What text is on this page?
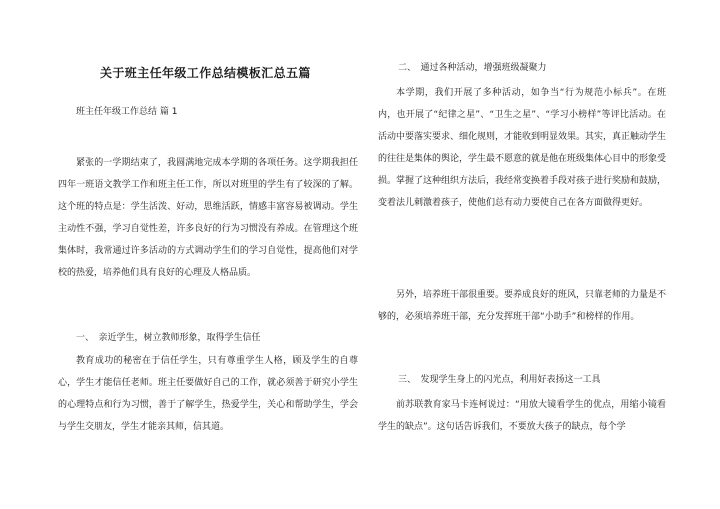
关于班主任年级工作总结模板汇总五篇
班主任年级工作总结 篇 1

紧张的一学期结束了，我圆满地完成本学期的各项任务。这学期我担任四年一班语文教学工作和班主任工作，所以对班里的学生有了较深的了解。这个班的特点是：学生活泼、好动，思维活跃，情感丰富容易被调动。学生主动性不强，学习自觉性差，许多良好的行为习惯没有养成。在管理这个班集体时，我常通过许多活动的方式调动学生们的学习自觉性，提高他们对学校的热爱，培养他们具有良好的心理及人格品质。

一、　亲近学生，树立教师形象，取得学生信任

教育成功的秘密在于信任学生，只有尊重学生人格，顾及学生的自尊心，学生才能信任老师。班主任要做好自己的工作，就必须善于研究小学生的心理特点和行为习惯，善于了解学生，热爱学生，关心和帮助学生，学会与学生交朋友，学生才能亲其师，信其道。

二、　通过各种活动，增强班级凝聚力

本学期，我们开展了多种活动，如争当“行为规范小标兵”。在班内，也开展了“纪律之星”、“卫生之星”、“学习小榜样”等评比活动。在活动中要落实要求、细化规则，才能收到明显效果。其实，真正触动学生的往往是集体的舆论，学生最不愿意的就是他在班级集体心目中的形象受损。掌握了这种组织方法后，我经常变换着手段对孩子进行奖励和鼓励，变着法儿刺激着孩子，使他们总有动力要使自己在各方面做得更好。

另外，培养班干部很重要。要养成良好的班风，只靠老师的力量是不够的，必须培养班干部，充分发挥班干部“小助手”和榜样的作用。

三、　发现学生身上的闪光点，利用好表扬这一工具

前苏联教育家马卡连柯说过：“用放大镜看学生的优点，用缩小镜看学生的缺点”。这句话告诉我们，不要放大孩子的缺点，每个学
